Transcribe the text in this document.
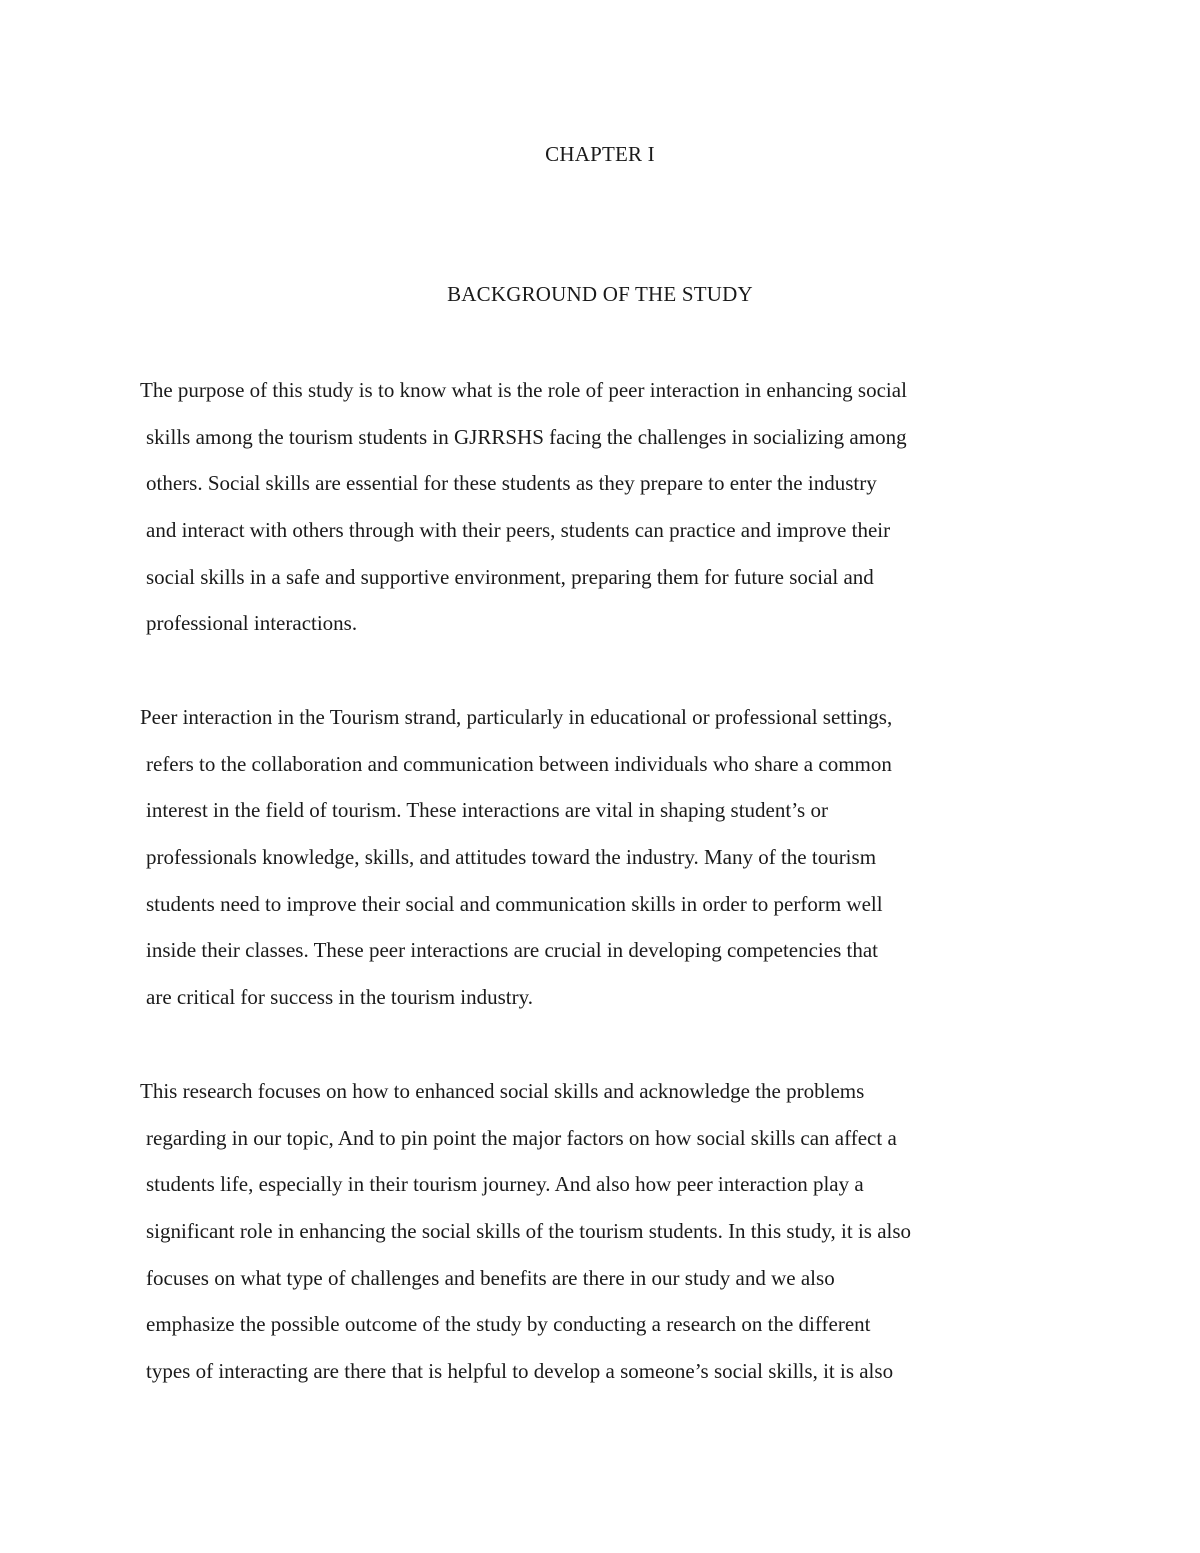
CHAPTER I
BACKGROUND OF THE STUDY
The purpose of this study is to know what is the role of peer interaction in enhancing social
skills among the tourism students in GJRRSHS facing the challenges in socializing among
others. Social skills are essential for these students as they prepare to enter the industry
and interact with others through with their peers, students can practice and improve their
social skills in a safe and supportive environment, preparing them for future social and
professional interactions.
Peer interaction in the Tourism strand, particularly in educational or professional settings,
refers to the collaboration and communication between individuals who share a common
interest in the field of tourism. These interactions are vital in shaping student’s or
professionals knowledge, skills, and attitudes toward the industry. Many of the tourism
students need to improve their social and communication skills in order to perform well
inside their classes. These peer interactions are crucial in developing competencies that
are critical for success in the tourism industry.
This research focuses on how to enhanced social skills and acknowledge the problems
regarding in our topic, And to pin point the major factors on how social skills can affect a
students life, especially in their tourism journey. And also how peer interaction play a
significant role in enhancing the social skills of the tourism students. In this study, it is also
focuses on what type of challenges and benefits are there in our study and we also
emphasize the possible outcome of the study by conducting a research on the different
types of interacting are there that is helpful to develop a someone’s social skills, it is also
